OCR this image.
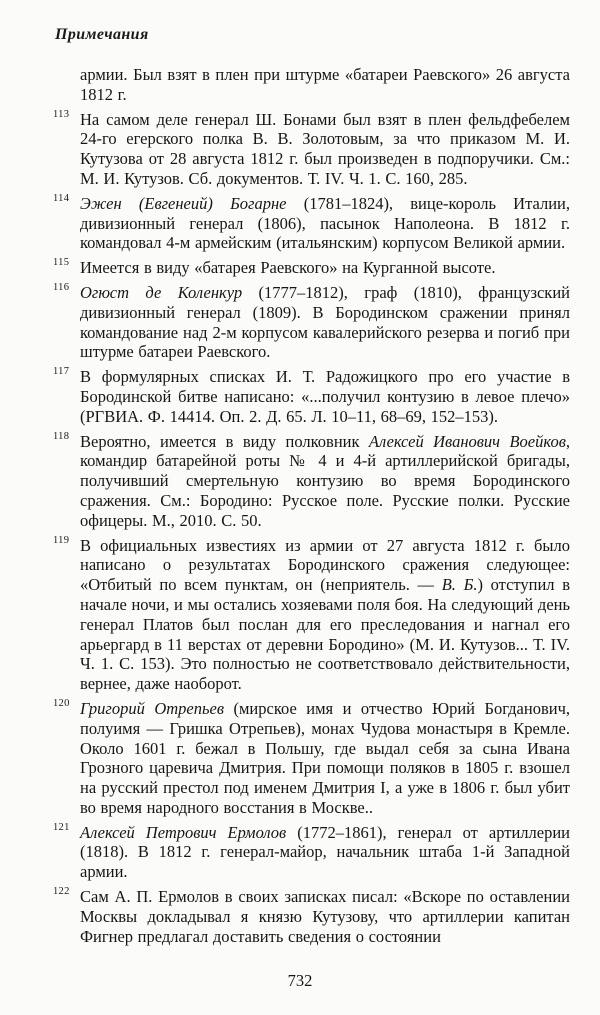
Примечания

армии. Был взят в плен при штурме «батареи Раевского» 26 августа 1812 г.

113 На самом деле генерал Ш. Бонами был взят в плен фельдфебелем 24-го егерского полка В. В. Золотовым, за что приказом М. И. Кутузова от 28 августа 1812 г. был произведен в подпоручики. См.: М. И. Кутузов. Сб. документов. Т. IV. Ч. 1. С. 160, 285.

114 Эжен (Евгенеий) Богарне (1781–1824), вице-король Италии, дивизионный генерал (1806), пасынок Наполеона. В 1812 г. командовал 4-м армейским (итальянским) корпусом Великой армии.

115 Имеется в виду «батарея Раевского» на Курганной высоте.

116 Огюст де Коленкур (1777–1812), граф (1810), французский дивизионный генерал (1809). В Бородинском сражении принял командование над 2-м корпусом кавалерийского резерва и погиб при штурме батареи Раевского.

117 В формулярных списках И. Т. Радожицкого про его участие в Бородинской битве написано: «...получил контузию в левое плечо» (РГВИА. Ф. 14414. Оп. 2. Д. 65. Л. 10–11, 68–69, 152–153).

118 Вероятно, имеется в виду полковник Алексей Иванович Воейков, командир батарейной роты № 4 и 4-й артиллерийской бригады, получивший смертельную контузию во время Бородинского сражения. См.: Бородино: Русское поле. Русские полки. Русские офицеры. М., 2010. С. 50.

119 В официальных известиях из армии от 27 августа 1812 г. было написано о результатах Бородинского сражения следующее: «Отбитый по всем пунктам, он (неприятель. — В. Б.) отступил в начале ночи, и мы остались хозяевами поля боя. На следующий день генерал Платов был послан для его преследования и нагнал его арьергард в 11 верстах от деревни Бородино» (М. И. Кутузов... Т. IV. Ч. 1. С. 153). Это полностью не соответствовало действительности, вернее, даже наоборот.

120 Григорий Отрепьев (мирское имя и отчество Юрий Богданович, полуимя — Гришка Отрепьев), монах Чудова монастыря в Кремле. Около 1601 г. бежал в Польшу, где выдал себя за сына Ивана Грозного царевича Дмитрия. При помощи поляков в 1805 г. взошел на русский престол под именем Дмитрия I, а уже в 1806 г. был убит во время народного восстания в Москве..

121 Алексей Петрович Ермолов (1772–1861), генерал от артиллерии (1818). В 1812 г. генерал-майор, начальник штаба 1-й Западной армии.

122 Сам А. П. Ермолов в своих записках писал: «Вскоре по оставлении Москвы докладывал я князю Кутузову, что артиллерии капитан Фигнер предлагал доставить сведения о состоянии

732
